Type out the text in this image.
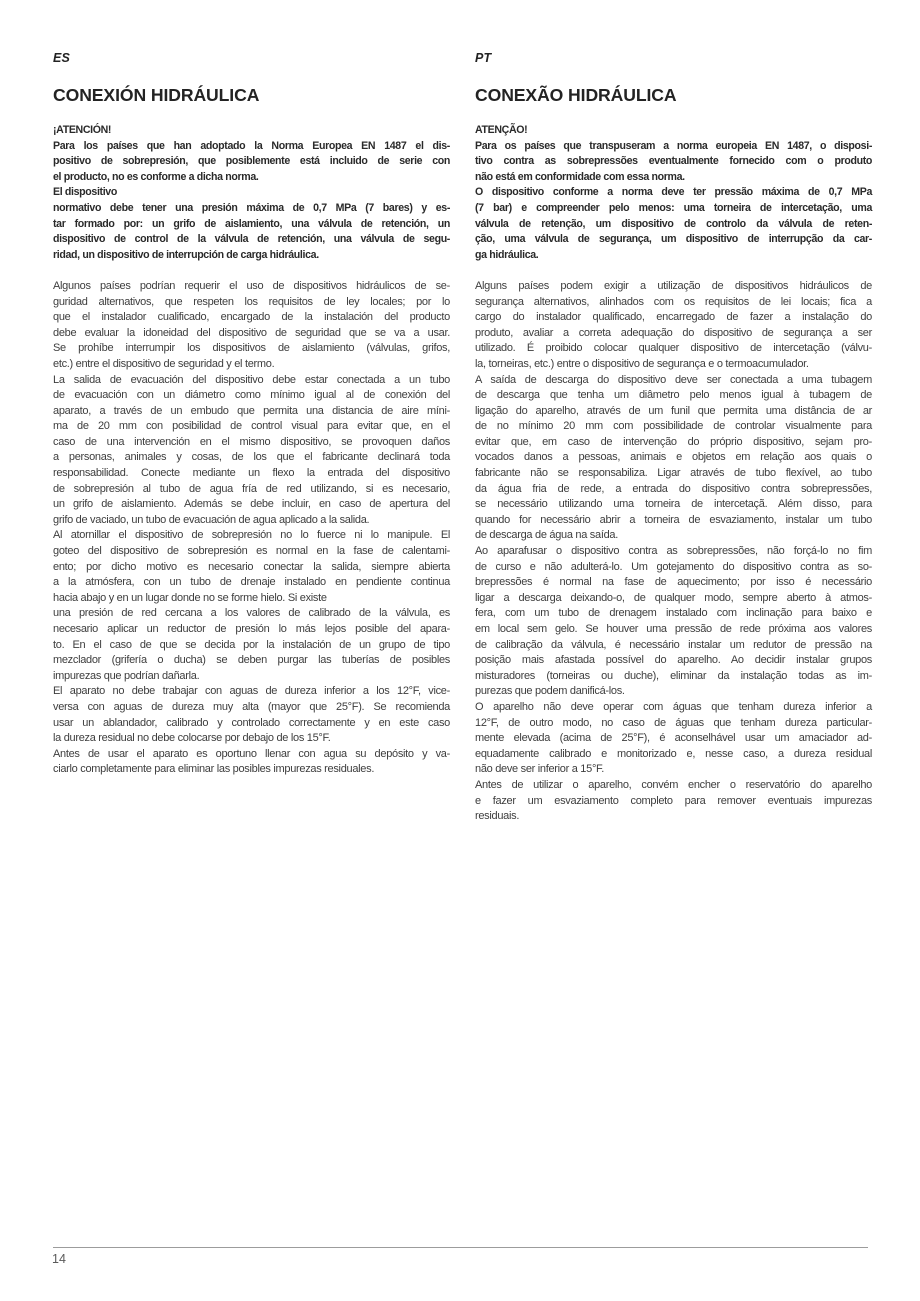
ES
CONEXIÓN HIDRÁULICA
¡ATENCIÓN!
Para los países que han adoptado la Norma Europea EN 1487 el dis-
positivo de sobrepresión, que posiblemente está incluido de serie con
el producto, no es conforme a dicha norma.
El dispositivo
normativo debe tener una presión máxima de 0,7 MPa (7 bares) y es-
tar formado por: un grifo de aislamiento, una válvula de retención, un
dispositivo de control de la válvula de retención, una válvula de segu-
ridad, un dispositivo de interrupción de carga hidráulica.
Algunos países podrían requerir el uso de dispositivos hidráulicos de se-
guridad alternativos, que respeten los requisitos de ley locales; por lo
que el instalador cualificado, encargado de la instalación del producto
debe evaluar la idoneidad del dispositivo de seguridad que se va a usar.
Se prohíbe interrumpir los dispositivos de aislamiento (válvulas, grifos,
etc.) entre el dispositivo de seguridad y el termo.
La salida de evacuación del dispositivo debe estar conectada a un tubo
de evacuación con un diámetro como mínimo igual al de conexión del
aparato, a través de un embudo que permita una distancia de aire míni-
ma de 20 mm con posibilidad de control visual para evitar que, en el
caso de una intervención en el mismo dispositivo, se provoquen daños
a personas, animales y cosas, de los que el fabricante declinará toda
responsabilidad. Conecte mediante un flexo la entrada del dispositivo
de sobrepresión al tubo de agua fría de red utilizando, si es necesario,
un grifo de aislamiento. Además se debe incluir, en caso de apertura del
grifo de vaciado, un tubo de evacuación de agua aplicado a la salida.
Al atornillar el dispositivo de sobrepresión no lo fuerce ni lo manipule. El
goteo del dispositivo de sobrepresión es normal en la fase de calentami-
ento; por dicho motivo es necesario conectar la salida, siempre abierta
a la atmósfera, con un tubo de drenaje instalado en pendiente continua
hacia abajo y en un lugar donde no se forme hielo. Si existe
una presión de red cercana a los valores de calibrado de la válvula, es
necesario aplicar un reductor de presión lo más lejos posible del apara-
to. En el caso de que se decida por la instalación de un grupo de tipo
mezclador (grifería o ducha) se deben purgar las tuberías de posibles
impurezas que podrían dañarla.
El aparato no debe trabajar con aguas de dureza inferior a los 12°F, vice-
versa con aguas de dureza muy alta (mayor que 25°F). Se recomienda
usar un ablandador, calibrado y controlado correctamente y en este caso
la dureza residual no debe colocarse por debajo de los 15°F.
Antes de usar el aparato es oportuno llenar con agua su depósito y va-
ciarlo completamente para eliminar las posibles impurezas residuales.
PT
CONEXÃO HIDRÁULICA
ATENÇÃO!
Para os países que transpuseram a norma europeia EN 1487, o disposi-
tivo contra as sobrepressões eventualmente fornecido com o produto
não está em conformidade com essa norma.
O dispositivo conforme a norma deve ter pressão máxima de 0,7 MPa
(7 bar) e compreender pelo menos: uma torneira de intercetação, uma
válvula de retenção, um dispositivo de controlo da válvula de reten-
ção, uma válvula de segurança, um dispositivo de interrupção da car-
ga hidráulica.
Alguns países podem exigir a utilização de dispositivos hidráulicos de
segurança alternativos, alinhados com os requisitos de lei locais; fica a
cargo do instalador qualificado, encarregado de fazer a instalação do
produto, avaliar a correta adequação do dispositivo de segurança a ser
utilizado. É proibido colocar qualquer dispositivo de intercetação (válvu-
la, torneiras, etc.) entre o dispositivo de segurança e o termoacumulador.
A saída de descarga do dispositivo deve ser conectada a uma tubagem
de descarga que tenha um diâmetro pelo menos igual à tubagem de
ligação do aparelho, através de um funil que permita uma distância de ar
de no mínimo 20 mm com possibilidade de controlar visualmente para
evitar que, em caso de intervenção do próprio dispositivo, sejam pro-
vocados danos a pessoas, animais e objetos em relação aos quais o
fabricante não se responsabiliza. Ligar através de tubo flexível, ao tubo
da água fria de rede, a entrada do dispositivo contra sobrepressões,
se necessário utilizando uma torneira de intercetaçã. Além disso, para
quando for necessário abrir a torneira de esvaziamento, instalar um tubo
de descarga de água na saída.
Ao aparafusar o dispositivo contra as sobrepressões, não forçá-lo no fim
de curso e não adulterá-lo. Um gotejamento do dispositivo contra as so-
brepressões é normal na fase de aquecimento; por isso é necessário
ligar a descarga deixando-o, de qualquer modo, sempre aberto à atmos-
fera, com um tubo de drenagem instalado com inclinação para baixo e
em local sem gelo. Se houver uma pressão de rede próxima aos valores
de calibração da válvula, é necessário instalar um redutor de pressão na
posição mais afastada possível do aparelho. Ao decidir instalar grupos
misturadores (torneiras ou duche), eliminar da instalação todas as im-
purezas que podem danificá-los.
O aparelho não deve operar com águas que tenham dureza inferior a
12°F, de outro modo, no caso de águas que tenham dureza particular-
mente elevada (acima de 25°F), é aconselhável usar um amaciador ad-
equadamente calibrado e monitorizado e, nesse caso, a dureza residual
não deve ser inferior a 15°F.
Antes de utilizar o aparelho, convém encher o reservatório do aparelho
e fazer um esvaziamento completo para remover eventuais impurezas
residuais.
14
